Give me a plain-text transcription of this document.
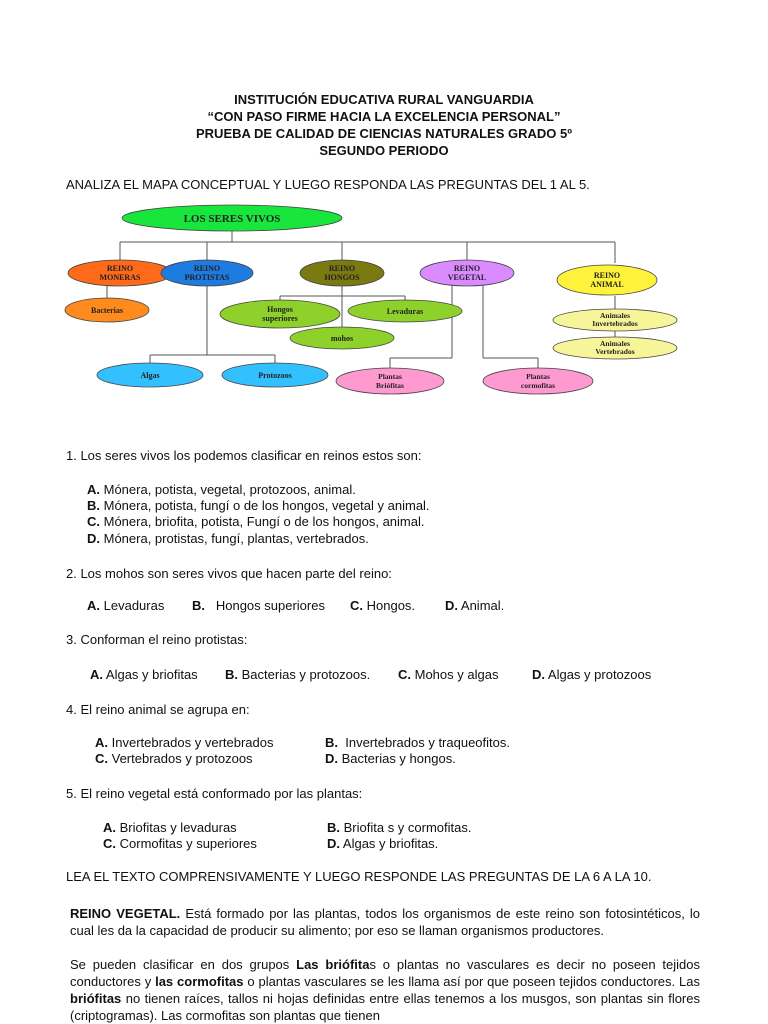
INSTITUCIÓN EDUCATIVA RURAL VANGUARDIA
“CON PASO FIRME HACIA LA EXCELENCIA PERSONAL”
PRUEBA DE CALIDAD DE CIENCIAS NATURALES GRADO 5º
SEGUNDO PERIODO
ANALIZA EL MAPA CONCEPTUAL Y LUEGO RESPONDA LAS PREGUNTAS DEL 1 AL 5.
LOS SERES VIVOS
REINO
MONERAS
REINO
PROTISTAS
REINO
HONGOS
REINO
VEGETAL	REINO
ANIMAL
Bacterias	Hongos
superiores
Levaduras
mohos
Algas	Protozoos	Plantas
Briófitas
Plantas
cormofitas
Animales
Invertebrados
Animales
Vertebrados
1. Los seres vivos los podemos clasificar en reinos estos son:
A. Mónera, potista, vegetal, protozoos, animal.
B. Mónera, potista, fungí o de los hongos, vegetal y animal.
C. Mónera, briofita, potista, Fungí o de los hongos, animal.
D. Mónera, protistas, fungí, plantas, vertebrados.
2. Los mohos son seres vivos que hacen parte del reino:
A. Levaduras B. Hongos superiores C. Hongos. D. Animal.
3. Conforman el reino protistas:
A. Algas y briofitas B. Bacterias y protozoos. C. Mohos y algas	D. Algas y protozoos
4. El reino animal se agrupa en:
A. Invertebrados y vertebrados	B. Invertebrados y traqueofitos.
C. Vertebrados y protozoos	D. Bacterias y hongos.
5. El reino vegetal está conformado por las plantas:
A. Briofitas y levaduras	B. Briofita s y cormofitas.
C. Cormofitas y superiores	D. Algas y briofitas.
LEA EL TEXTO COMPRENSIVAMENTE Y LUEGO RESPONDE LAS PREGUNTAS DE LA 6 A LA 10.
REINO VEGETAL. Está formado por las plantas, todos los organismos de este reino son fotosintéticos, lo cual les da la capacidad de producir su alimento; por eso se llaman organismos productores.
Se pueden clasificar en dos grupos Las briófitas o plantas no vasculares es decir no poseen tejidos conductores y las cormofitas o plantas vasculares se les llama así por que poseen tejidos conductores. Las briófitas no tienen raíces, tallos ni hojas definidas entre ellas tenemos a los musgos, son plantas sin flores (criptogramas). Las cormofitas son plantas que tienen
